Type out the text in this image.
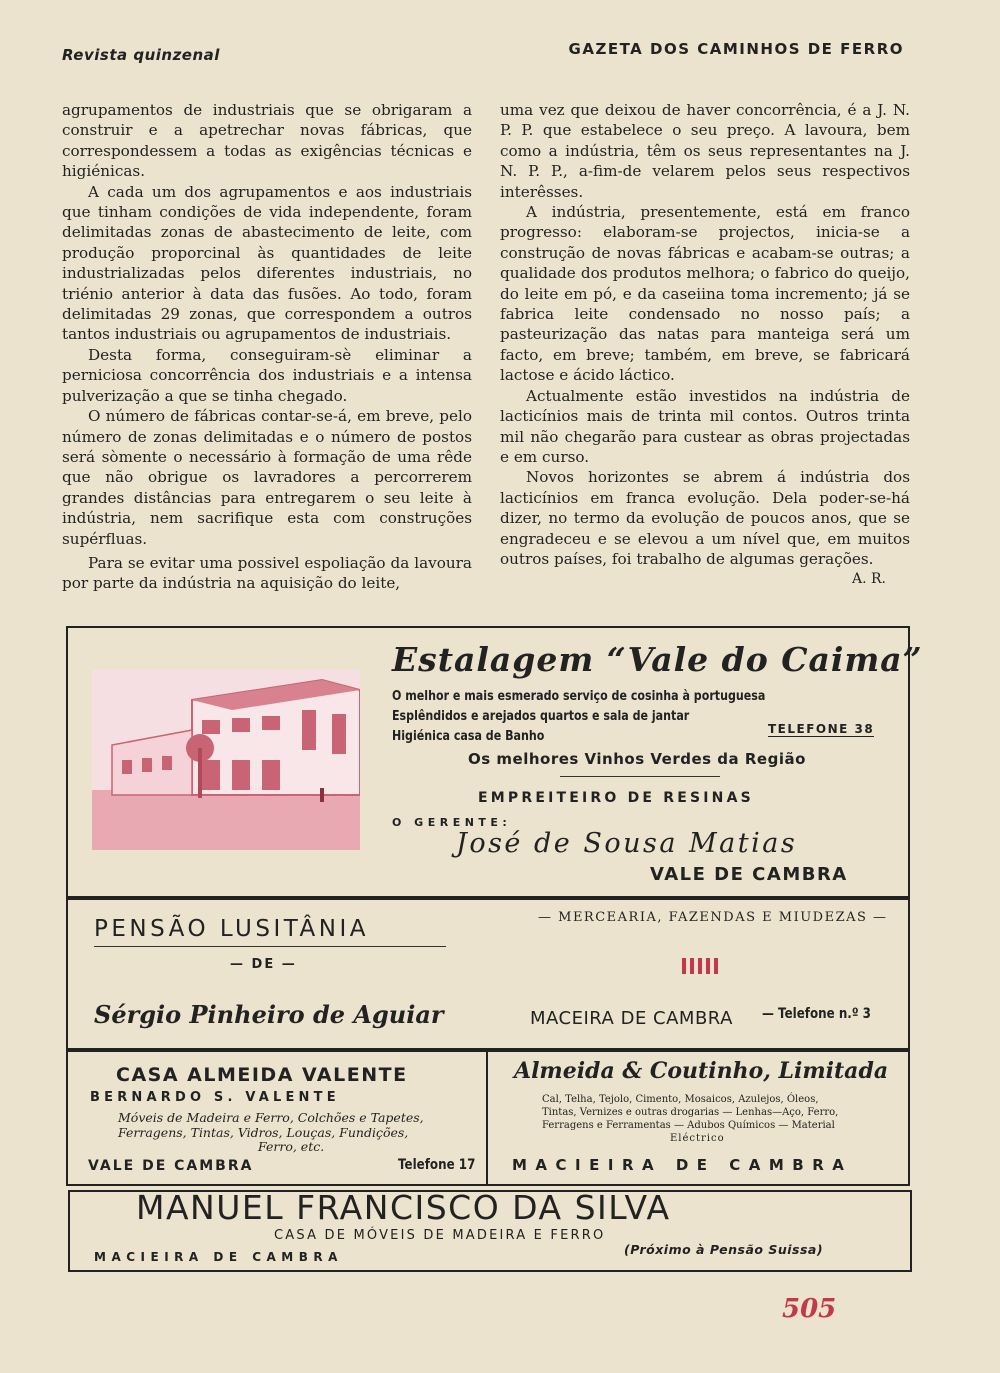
Revista quinzenal	GAZETA DOS CAMINHOS DE FERRO

agrupamentos de industriais que se obrigaram a construir e a apetrechar novas fábricas, que correspondessem a todas as exigências técnicas e higiénicas.

A cada um dos agrupamentos e aos industriais que tinham condições de vida independente, foram delimitadas zonas de abastecimento de leite, com produção proporcinal às quantidades de leite industrializadas pelos diferentes industriais, no triénio anterior à data das fusões. Ao todo, foram delimitadas 29 zonas, que correspondem a outros tantos industriais ou agrupamentos de industriais.

Desta forma, conseguiram-sè eliminar a perniciosa concorrência dos industriais e a intensa pulverização a que se tinha chegado.

O número de fábricas contar-se-á, em breve, pelo número de zonas delimitadas e o número de postos será sòmente o necessário à formação de uma rêde que não obrigue os lavradores a percorrerem grandes distâncias para entregarem o seu leite à indústria, nem sacrifique esta com construções supérfluas.

Para se evitar uma possivel espoliação da lavoura por parte da indústria na aquisição do leite,

uma vez que deixou de haver concorrência, é a J. N. P. P. que estabelece o seu preço. A lavoura, bem como a indústria, têm os seus representantes na J. N. P. P., a-fim-de velarem pelos seus respectivos interêsses.

A indústria, presentemente, está em franco progresso: elaboram-se projectos, inicia-se a construção de novas fábricas e acabam-se outras; a qualidade dos produtos melhora; o fabrico do queijo, do leite em pó, e da caseiina toma incremento; já se fabrica leite condensado no nosso país; a pasteurização das natas para manteiga será um facto, em breve; também, em breve, se fabricará lactose e ácido láctico.

Actualmente estão investidos na indústria de lacticínios mais de trinta mil contos. Outros trinta mil não chegarão para custear as obras projectadas e em curso.

Novos horizontes se abrem á indústria dos lacticínios em franca evolução. Dela poder-se-há dizer, no termo da evolução de poucos anos, que se engradeceu e se elevou a um nível que, em muitos outros países, foi trabalho de algumas gerações.

A. R.
Estalagem “Vale do Caima”
O melhor e mais esmerado serviço de cosinha à portuguesa
Esplêndidos e arejados quartos e sala de jantar
Higiénica casa de Banho	TELEFONE 38
Os melhores Vinhos Verdes da Região
EMPREITEIRO DE RESINAS
O GERENTE:
José de Sousa Matias
VALE DE CAMBRA
PENSÃO LUSITÂNIA
— DE —
Sérgio Pinheiro de Aguiar
— MERCEARIA, FAZENDAS E MIUDEZAS —
MACEIRA DE CAMBRA — Telefone n.º 3
CASA ALMEIDA VALENTE
BERNARDO S. VALENTE
Móveis de Madeira e Ferro, Colchões e Tapetes,
Ferragens, Tintas, Vidros, Louças, Fundições,
Ferro, etc.
VALE DE CAMBRA	Telefone 17
Almeida & Coutinho, Limitada
Cal, Telha, Tejolo, Cimento, Mosaicos, Azulejos, Óleos,
Tintas, Vernizes e outras drogarias — Lenhas—Aço, Ferro,
Ferragens e Ferramentas — Adubos Químicos — Material
Eléctrico
MACIEIRA DE CAMBRA
MANUEL FRANCISCO DA SILVA
CASA DE MÓVEIS DE MADEIRA E FERRO
MACIEIRA DE CAMBRA	(Próximo à Pensão Suissa)
505
